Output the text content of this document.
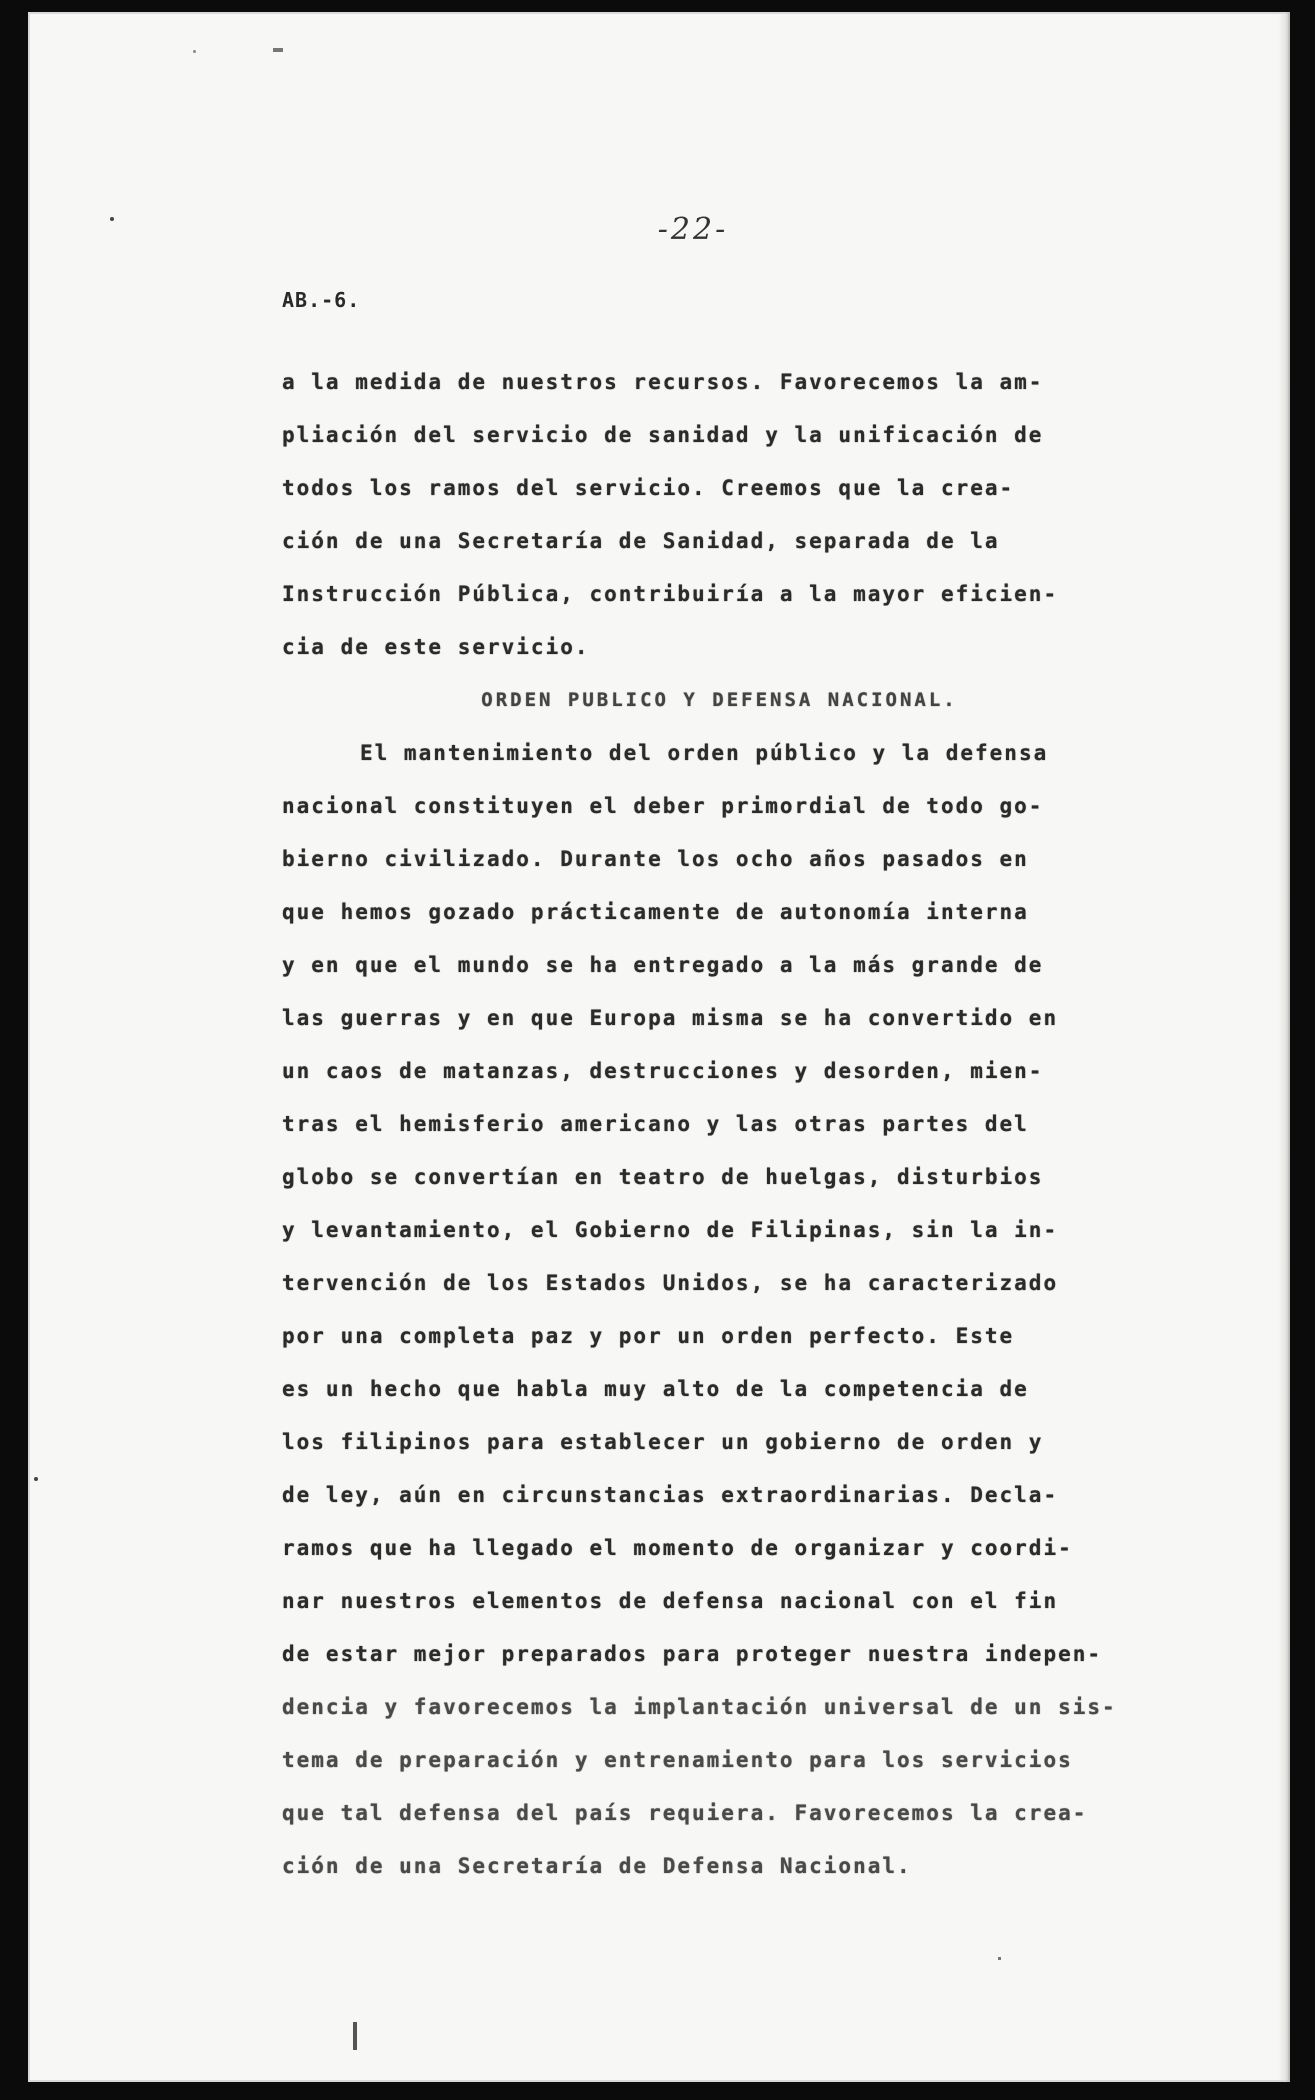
-22-
AB.-6.
a la medida de nuestros recursos. Favorecemos la am-
pliación del servicio de sanidad y la unificación de
todos los ramos del servicio. Creemos que la crea-
ción de una Secretaría de Sanidad, separada de la
Instrucción Pública, contribuiría a la mayor eficien-
cia de este servicio.
ORDEN PUBLICO Y DEFENSA NACIONAL.
El mantenimiento del orden público y la defensa
nacional constituyen el deber primordial de todo go-
bierno civilizado. Durante los ocho años pasados en
que hemos gozado prácticamente de autonomía interna
y en que el mundo se ha entregado a la más grande de
las guerras y en que Europa misma se ha convertido en
un caos de matanzas, destrucciones y desorden, mien-
tras el hemisferio americano y las otras partes del
globo se convertían en teatro de huelgas, disturbios
y levantamiento, el Gobierno de Filipinas, sin la in-
tervención de los Estados Unidos, se ha caracterizado
por una completa paz y por un orden perfecto. Este
es un hecho que habla muy alto de la competencia de
los filipinos para establecer un gobierno de orden y
de ley, aún en circunstancias extraordinarias. Decla-
ramos que ha llegado el momento de organizar y coordi-
nar nuestros elementos de defensa nacional con el fin
de estar mejor preparados para proteger nuestra indepen-
dencia y favorecemos la implantación universal de un sis-
tema de preparación y entrenamiento para los servicios
que tal defensa del país requiera. Favorecemos la crea-
ción de una Secretaría de Defensa Nacional.
